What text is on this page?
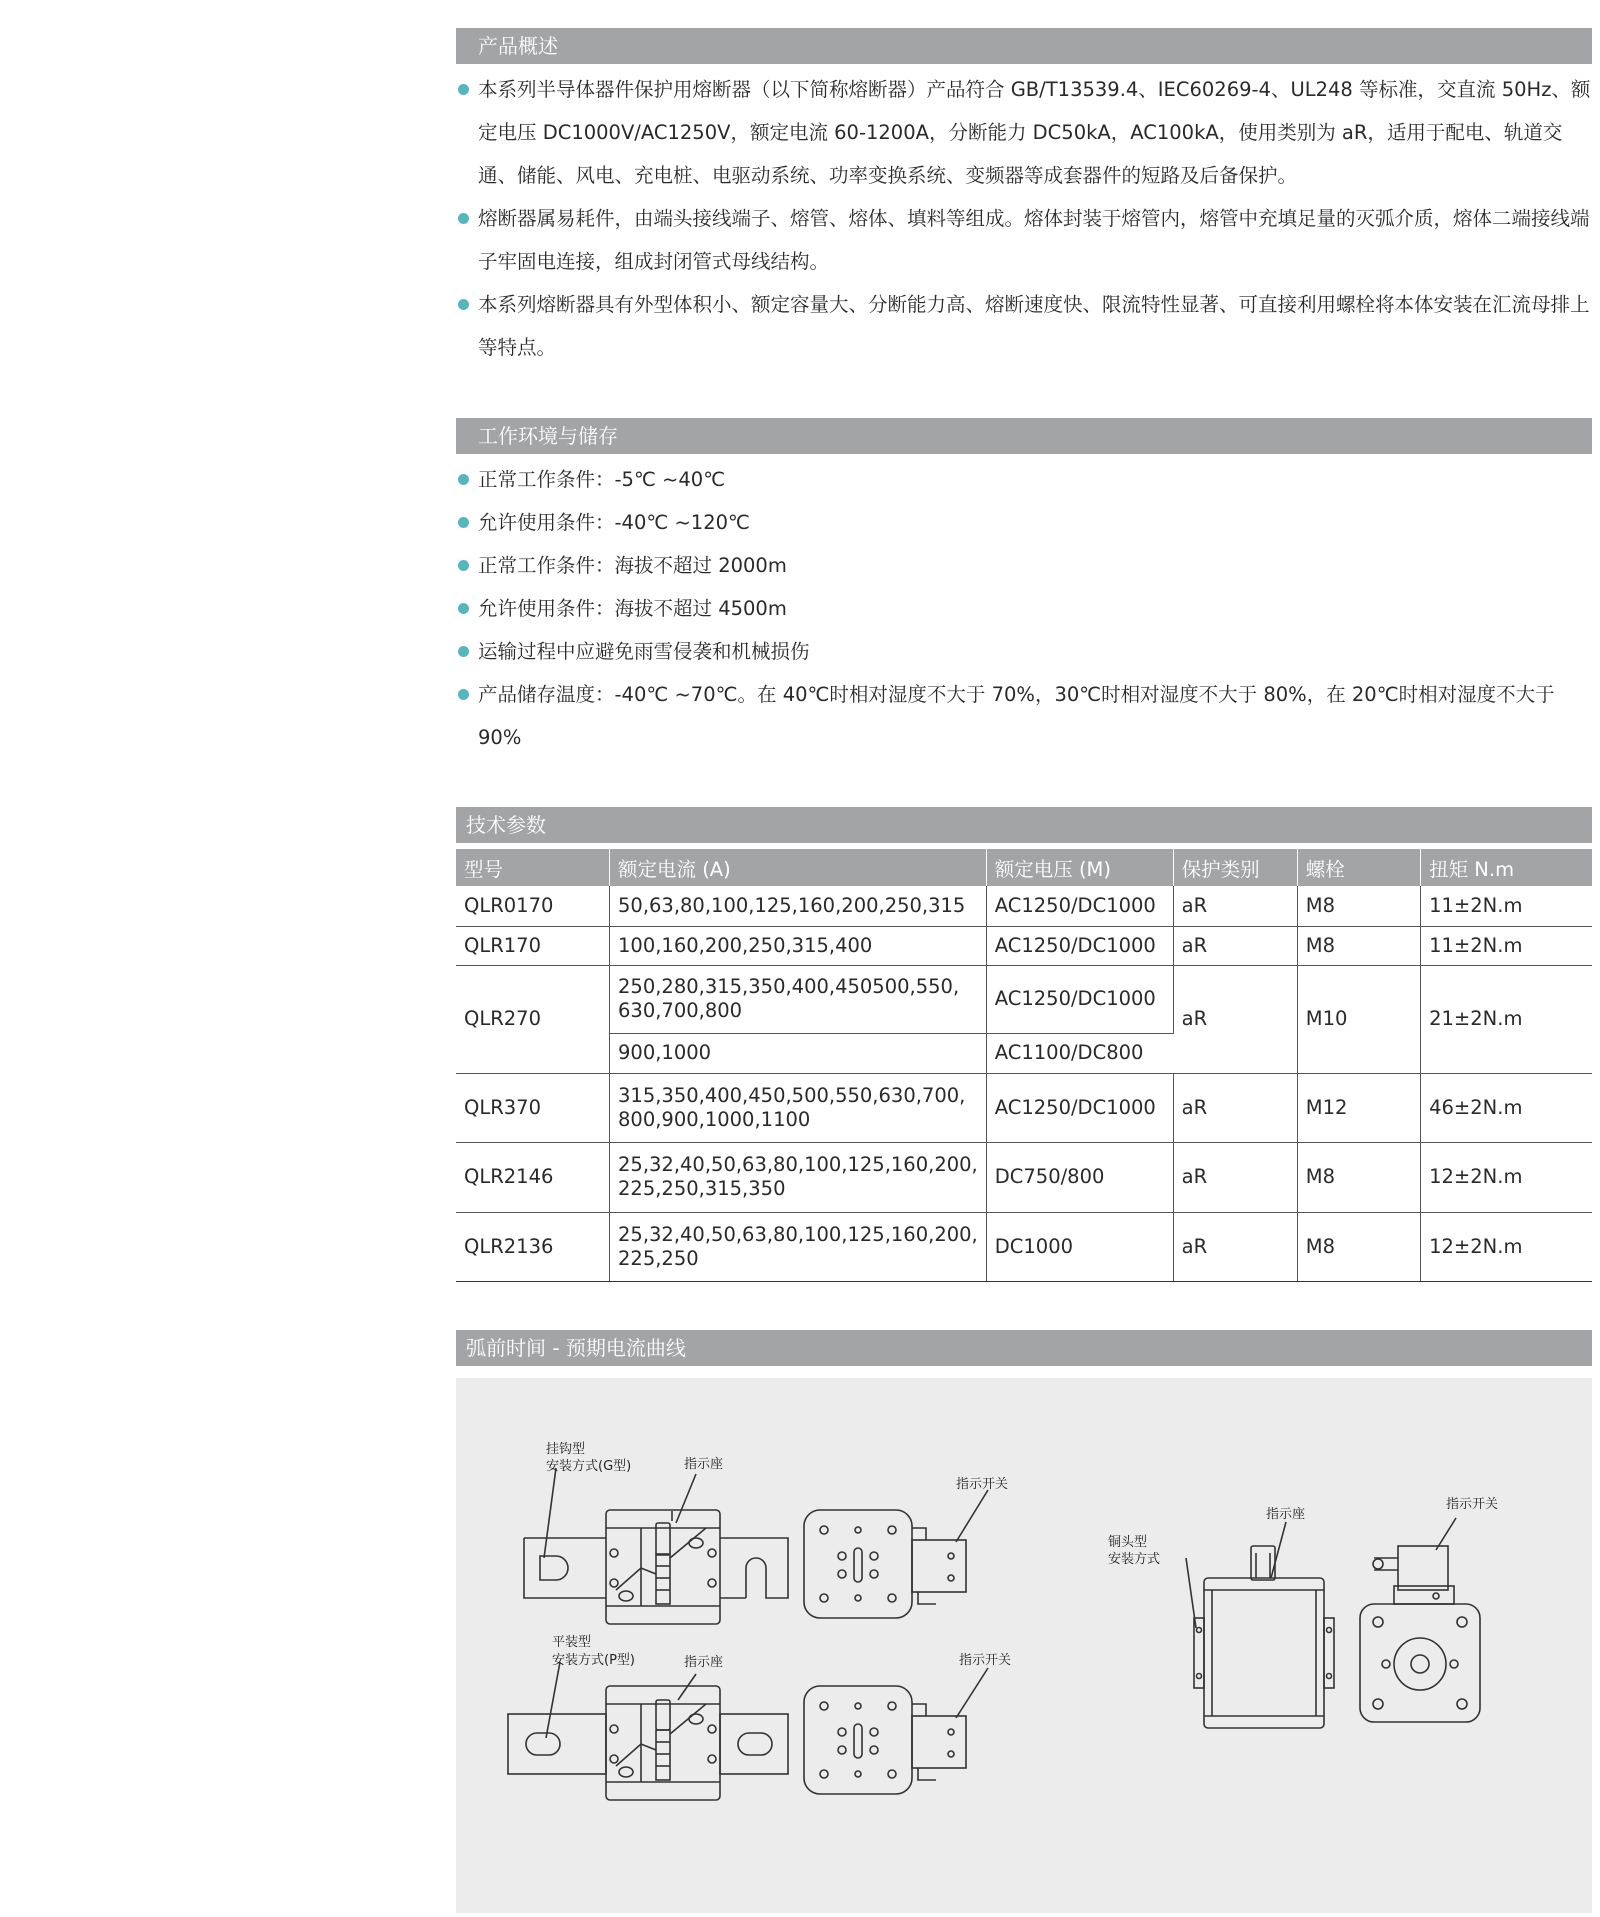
产品概述
本系列半导体器件保护用熔断器（以下简称熔断器）产品符合 GB/T13539.4、IEC60269-4、UL248 等标准，交直流 50Hz、额定电压 DC1000V/AC1250V，额定电流 60-1200A，分断能力 DC50kA，AC100kA，使用类别为 aR，适用于配电、轨道交通、储能、风电、充电桩、电驱动系统、功率变换系统、变频器等成套器件的短路及后备保护。
熔断器属易耗件，由端头接线端子、熔管、熔体、填料等组成。熔体封装于熔管内，熔管中充填足量的灭弧介质，熔体二端接线端子牢固电连接，组成封闭管式母线结构。
本系列熔断器具有外型体积小、额定容量大、分断能力高、熔断速度快、限流特性显著、可直接利用螺栓将本体安装在汇流母排上等特点。
工作环境与储存
正常工作条件：-5℃ ~40℃
允许使用条件：-40℃ ~120℃
正常工作条件：海拔不超过 2000m
允许使用条件：海拔不超过 4500m
运输过程中应避免雨雪侵袭和机械损伤
产品储存温度：-40℃ ~70℃。在 40℃时相对湿度不大于 70%，30℃时相对湿度不大于 80%，在 20℃时相对湿度不大于 90%
技术参数
型号	额定电流 (A)	额定电压 (M)	保护类别	螺栓	扭矩 N.m
QLR0170	50,63,80,100,125,160,200,250,315	AC1250/DC1000	aR	M8	11±2N.m
QLR170	100,160,200,250,315,400	AC1250/DC1000	aR	M8	11±2N.m
QLR270	250,280,315,350,400,450500,550, 630,700,800	AC1250/DC1000	aR	M10	21±2N.m
	900,1000	AC1100/DC800			
QLR370	315,350,400,450,500,550,630,700, 800,900,1000,1100	AC1250/DC1000	aR	M12	46±2N.m
QLR2146	25,32,40,50,63,80,100,125,160,200, 225,250,315,350	DC750/800	aR	M8	12±2N.m
QLR2136	25,32,40,50,63,80,100,125,160,200, 225,250	DC1000	aR	M8	12±2N.m
弧前时间 - 预期电流曲线
挂钩型
安装方式(G型)	指示座
指示开关
平装型
安装方式(P型)	指示座	指示开关
铜头型
安装方式
指示座
指示开关
